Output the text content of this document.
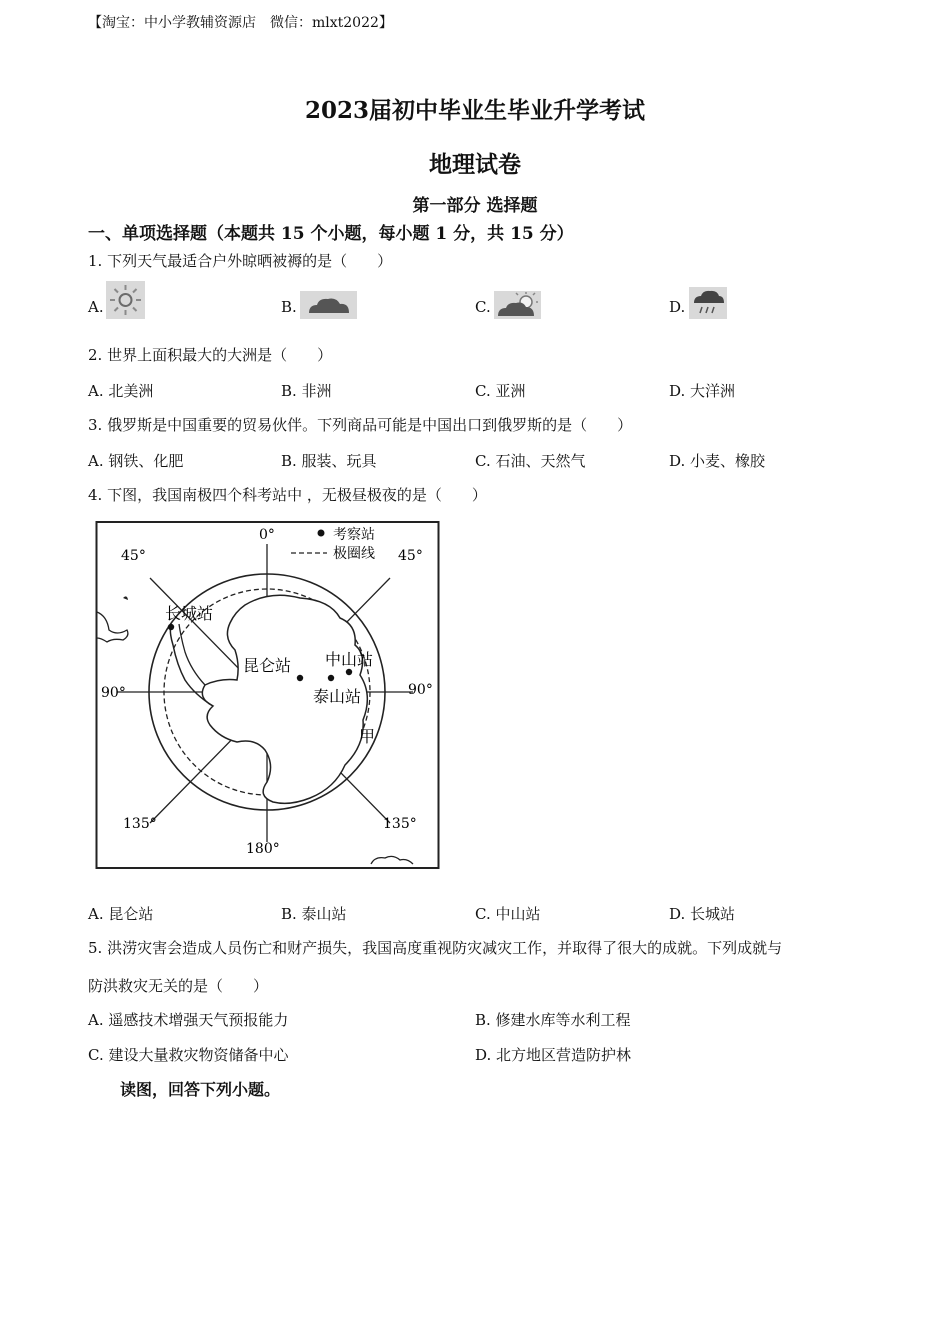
【淘宝：中小学教辅资源店　微信：mlxt2022】
2023届初中毕业生毕业升学考试
地理试卷
第一部分 选择题
一、单项选择题（本题共 15 个小题，每小题 1 分，共 15 分）
1. 下列天气最适合户外晾晒被褥的是（　　）
A.	B.	C.	D.
2. 世界上面积最大的大洲是（　　）
A. 北美洲	B. 非洲	C. 亚洲	D. 大洋洲
3. 俄罗斯是中国重要的贸易伙伴。下列商品可能是中国出口到俄罗斯的是（　　）
A. 钢铁、化肥	B. 服装、玩具	C. 石油、天然气	D. 小麦、橡胶
4. 下图，我国南极四个科考站中 ，无极昼极夜的是（　　）
考察站
极圈线
0°
45°	45°
90°	90°
135°	135°
180°
长城站
昆仑站 中山站
泰山站
甲
A. 昆仑站	B. 泰山站	C. 中山站	D. 长城站
5. 洪涝灾害会造成人员伤亡和财产损失，我国高度重视防灾减灾工作，并取得了很大的成就。下列成就与
防洪救灾无关的是（　　）
A. 遥感技术增强天气预报能力	B. 修建水库等水利工程
C. 建设大量救灾物资储备中心	D. 北方地区营造防护林
读图，回答下列小题。
